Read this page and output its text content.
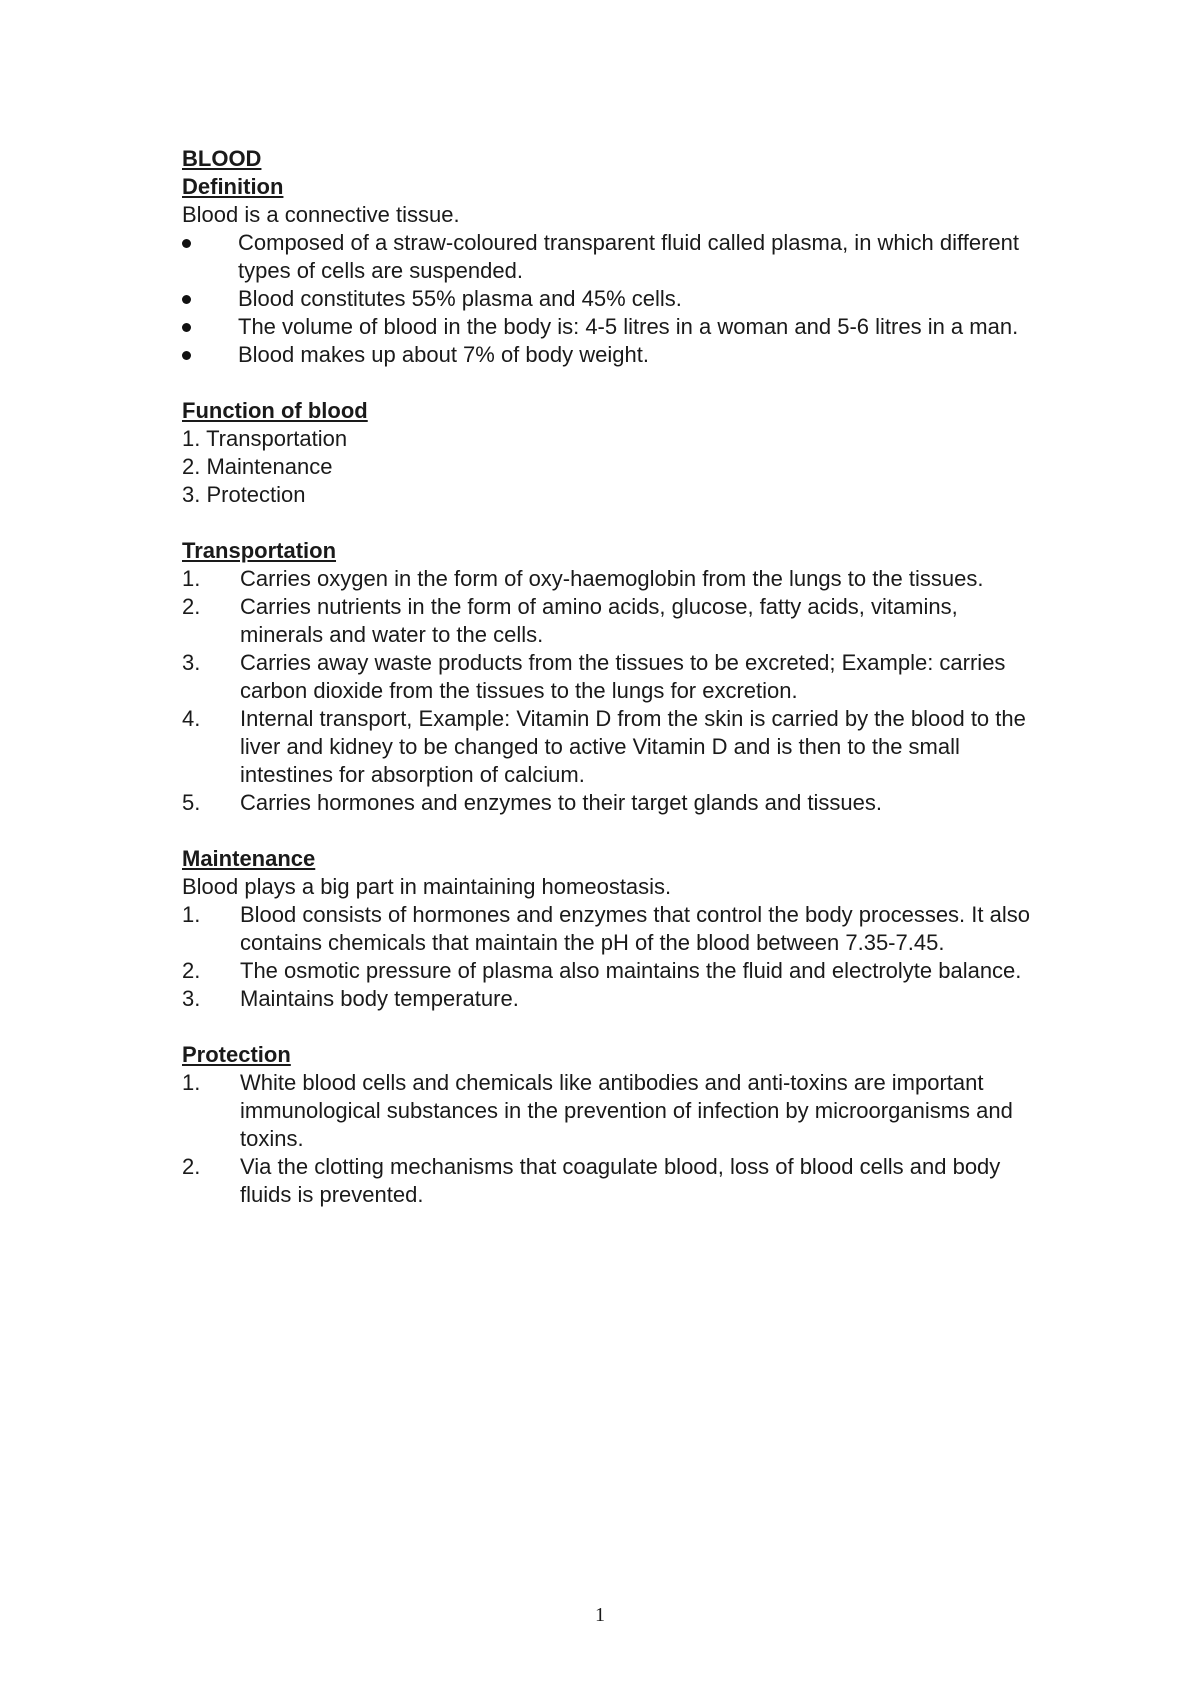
BLOOD

Definition

Blood is a connective tissue.

Composed of a straw-coloured transparent fluid called plasma, in which different types of cells are suspended.
Blood constitutes 55% plasma and 45% cells.
The volume of blood in the body is: 4-5 litres in a woman and 5-6 litres in a man.
Blood makes up about 7% of body weight.

Function of blood

1. Transportation
2. Maintenance
3. Protection

Transportation

1. Carries oxygen in the form of oxy-haemoglobin from the lungs to the tissues.
2. Carries nutrients in the form of amino acids, glucose, fatty acids, vitamins, minerals and water to the cells.
3. Carries away waste products from the tissues to be excreted; Example: carries carbon dioxide from the tissues to the lungs for excretion.
4. Internal transport, Example: Vitamin D from the skin is carried by the blood to the liver and kidney to be changed to active Vitamin D and is then to the small intestines for absorption of calcium.
5. Carries hormones and enzymes to their target glands and tissues.

Maintenance

Blood plays a big part in maintaining homeostasis.

1. Blood consists of hormones and enzymes that control the body processes. It also contains chemicals that maintain the pH of the blood between 7.35-7.45.
2. The osmotic pressure of plasma also maintains the fluid and electrolyte balance.
3. Maintains body temperature.

Protection

1. White blood cells and chemicals like antibodies and anti-toxins are important immunological substances in the prevention of infection by microorganisms and toxins.
2. Via the clotting mechanisms that coagulate blood, loss of blood cells and body fluids is prevented.
1
